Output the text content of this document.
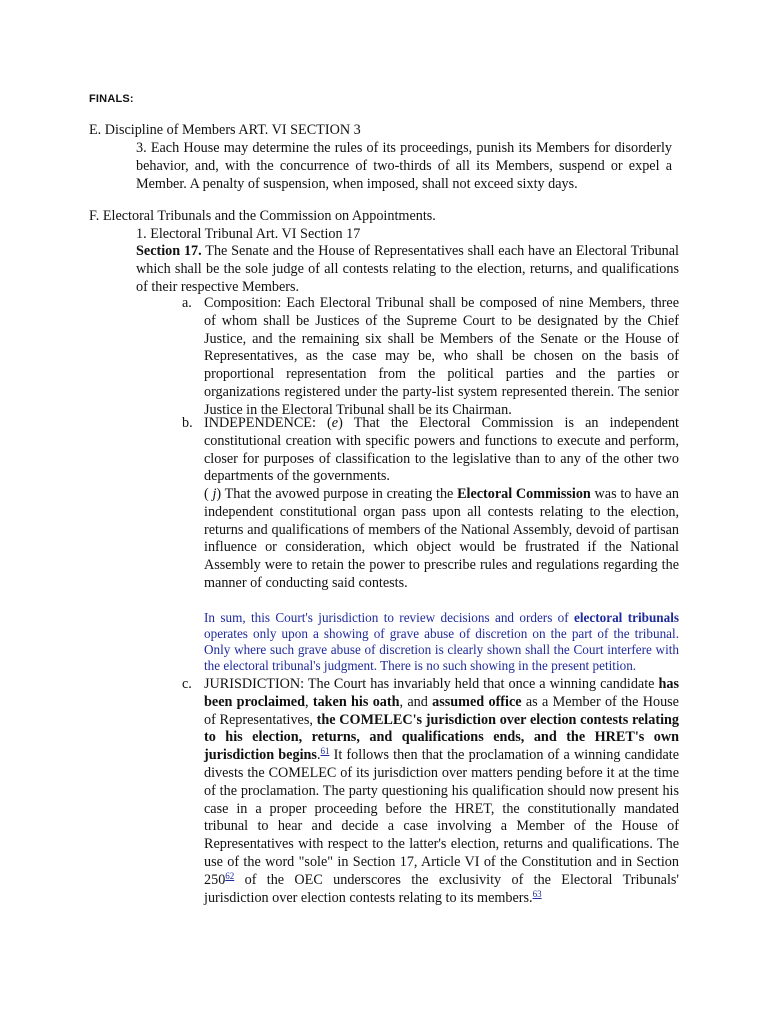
FINALS:
E. Discipline of Members ART. VI SECTION 3
3. Each House may determine the rules of its proceedings, punish its Members for disorderly behavior, and, with the concurrence of two-thirds of all its Members, suspend or expel a Member. A penalty of suspension, when imposed, shall not exceed sixty days.
F. Electoral Tribunals and the Commission on Appointments.
1. Electoral Tribunal Art. VI Section 17
Section 17. The Senate and the House of Representatives shall each have an Electoral Tribunal which shall be the sole judge of all contests relating to the election, returns, and qualifications of their respective Members.
a. Composition: Each Electoral Tribunal shall be composed of nine Members, three of whom shall be Justices of the Supreme Court to be designated by the Chief Justice, and the remaining six shall be Members of the Senate or the House of Representatives, as the case may be, who shall be chosen on the basis of proportional representation from the political parties and the parties or organizations registered under the party-list system represented therein. The senior Justice in the Electoral Tribunal shall be its Chairman.
b. INDEPENDENCE: (e) That the Electoral Commission is an independent constitutional creation with specific powers and functions to execute and perform, closer for purposes of classification to the legislative than to any of the other two departments of the governments.
( j) That the avowed purpose in creating the Electoral Commission was to have an independent constitutional organ pass upon all contests relating to the election, returns and qualifications of members of the National Assembly, devoid of partisan influence or consideration, which object would be frustrated if the National Assembly were to retain the power to prescribe rules and regulations regarding the manner of conducting said contests.
In sum, this Court's jurisdiction to review decisions and orders of electoral tribunals operates only upon a showing of grave abuse of discretion on the part of the tribunal. Only where such grave abuse of discretion is clearly shown shall the Court interfere with the electoral tribunal's judgment. There is no such showing in the present petition.
c. JURISDICTION: The Court has invariably held that once a winning candidate has been proclaimed, taken his oath, and assumed office as a Member of the House of Representatives, the COMELEC's jurisdiction over election contests relating to his election, returns, and qualifications ends, and the HRET's own jurisdiction begins.$^{61}$ It follows then that the proclamation of a winning candidate divests the COMELEC of its jurisdiction over matters pending before it at the time of the proclamation. The party questioning his qualification should now present his case in a proper proceeding before the HRET, the constitutionally mandated tribunal to hear and decide a case involving a Member of the House of Representatives with respect to the latter's election, returns and qualifications. The use of the word "sole" in Section 17, Article VI of the Constitution and in Section $250^{62}$ of the OEC underscores the exclusivity of the Electoral Tribunals' jurisdiction over election contests relating to its members.$^{63}$
